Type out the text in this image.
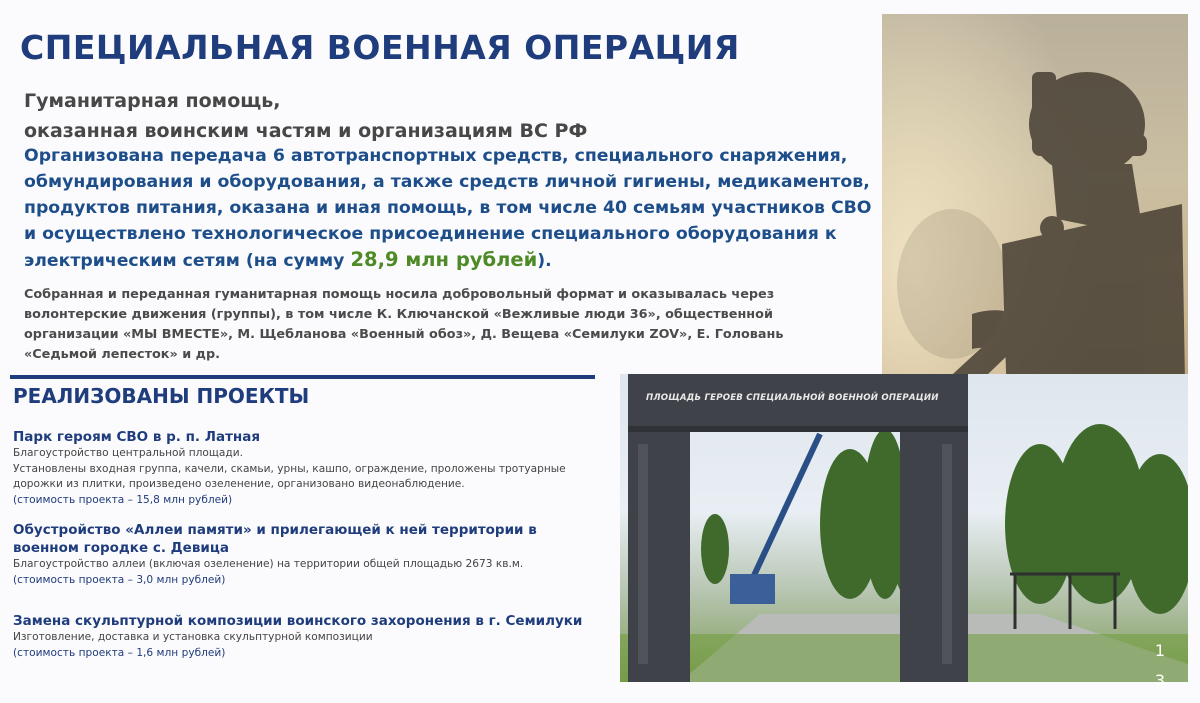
СПЕЦИАЛЬНАЯ ВОЕННАЯ ОПЕРАЦИЯ
Гуманитарная помощь,
оказанная воинским частям и организациям ВС РФ
Организована передача 6 автотранспортных средств, специального снаряжения,
обмундирования и оборудования, а также средств личной гигиены, медикаментов,
продуктов питания, оказана и иная помощь, в том числе 40 семьям участников СВО
и осуществлено технологическое присоединение специального оборудования к
электрическим сетям (на сумму 28,9 млн рублей).
Собранная и переданная гуманитарная помощь носила добровольный формат и оказывалась через
волонтерские движения (группы), в том числе К. Ключанской «Вежливые люди 36», общественной
организации «МЫ ВМЕСТЕ», М. Щебланова «Военный обоз», Д. Вещева «Семилуки ZOV», Е. Головань
«Седьмой лепесток» и др.
РЕАЛИЗОВАНЫ ПРОЕКТЫ
Парк героям СВО в р. п. Латная
Благоустройство центральной площади.
Установлены входная группа, качели, скамьи, урны, кашпо, ограждение, проложены тротуарные
дорожки из плитки, произведено озеленение, организовано видеонаблюдение.
(стоимость проекта – 15,8 млн рублей)
Обустройство «Аллеи памяти» и прилегающей к ней территории в
военном городке с. Девица
Благоустройство аллеи (включая озеленение) на территории общей площадью 2673 кв.м.
(стоимость проекта – 3,0 млн рублей)
Замена скульптурной композиции воинского захоронения в г. Семилуки
Изготовление, доставка и установка скульптурной композиции
(стоимость проекта – 1,6 млн рублей)
ПЛОЩАДЬ ГЕРОЕВ СПЕЦИАЛЬНОЙ ВОЕННОЙ ОПЕРАЦИИ
1
3
